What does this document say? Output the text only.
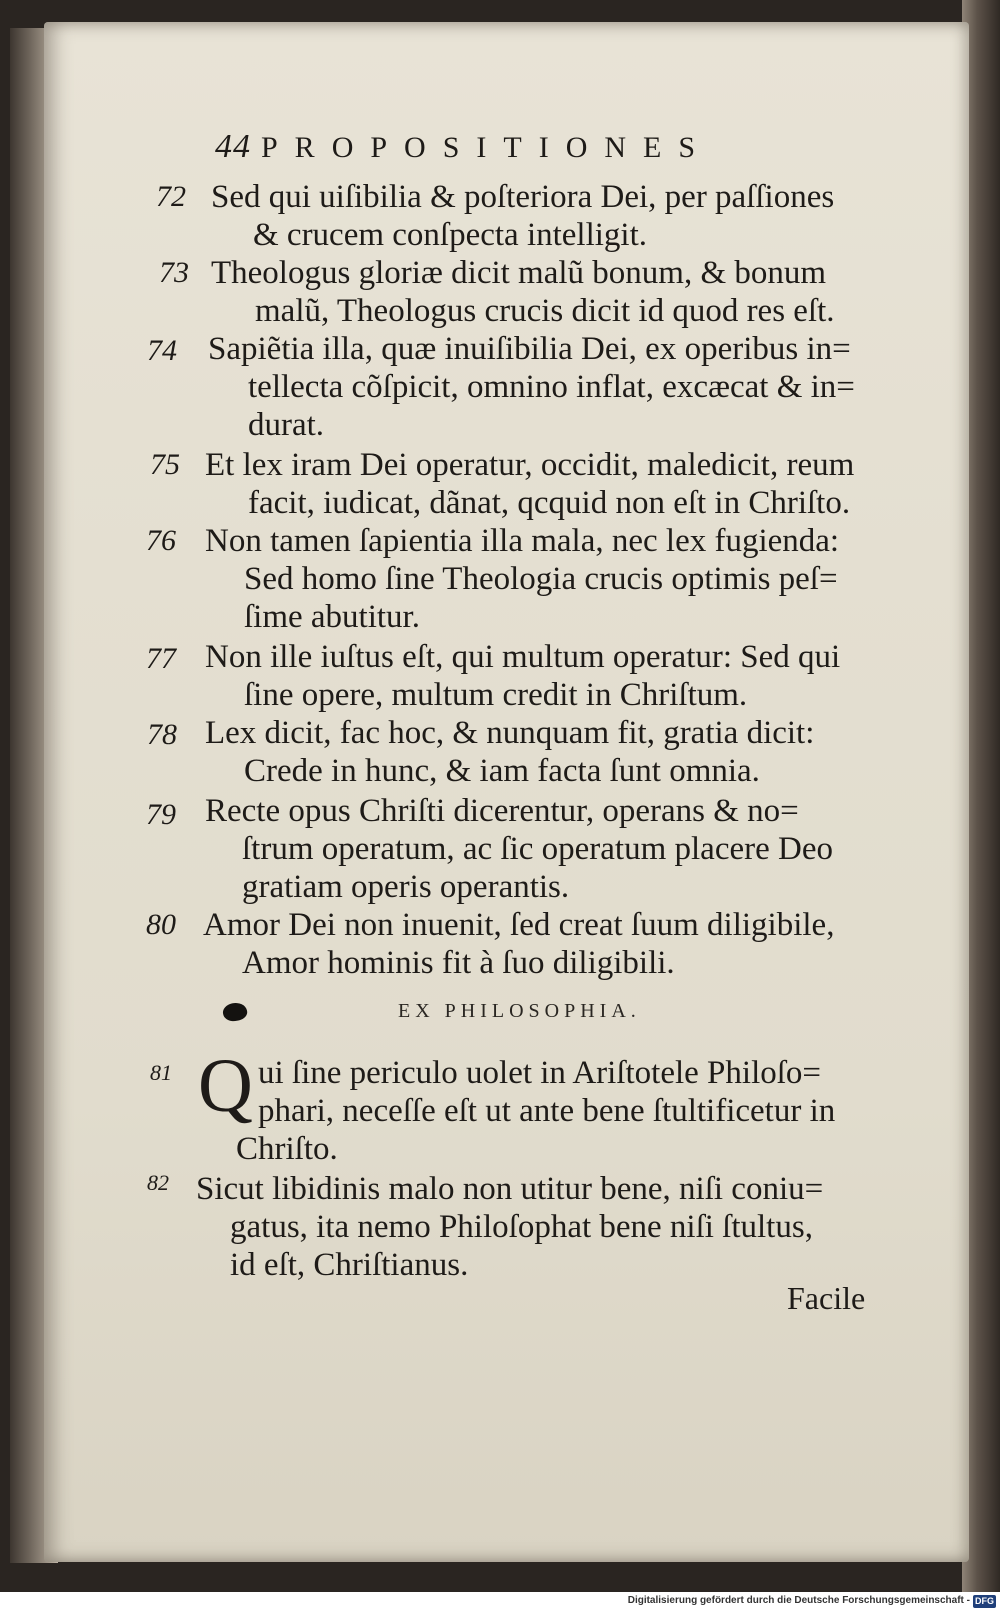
44 PROPOSITIONES
72 Sed qui uiſibilia & poſteriora Dei, per paſſiones
& crucem conſpecta intelligit.
73 Theologus gloriæ dicit malũ bonum, & bonum
malũ, Theologus crucis dicit id quod res eſt.
74 Sapiẽtia illa, quæ inuiſibilia Dei, ex operibus in=
tellecta cõſpicit, omnino inflat, excæcat & in=
durat.
75 Et lex iram Dei operatur, occidit, maledicit, reum
facit, iudicat, dãnat, qcquid non eſt in Chriſto.
76 Non tamen ſapientia illa mala, nec lex fugienda:
Sed homo ſine Theologia crucis optimis peſ=
ſime abutitur.
77 Non ille iuſtus eſt, qui multum operatur: Sed qui
ſine opere, multum credit in Chriſtum.
78 Lex dicit, fac hoc, & nunquam fit, gratia dicit:
Crede in hunc, & iam facta ſunt omnia.
79 Recte opus Chriſti dicerentur, operans & no=
ſtrum operatum, ac ſic operatum placere Deo
gratiam operis operantis.
80 Amor Dei non inuenit, ſed creat ſuum diligibile,
Amor hominis fit à ſuo diligibili.
EX PHILOSOPHIA.
81 Q ui ſine periculo uolet in Ariſtotele Philoſo=
phari, neceſſe eſt ut ante bene ſtultificetur in
Chriſto.
82 Sicut libidinis malo non utitur bene, niſi coniu=
gatus, ita nemo Philoſophat bene niſi ſtultus,
id eſt, Chriſtianus.
Facile
Digitalisierung gefördert durch die Deutsche Forschungsgemeinschaft - DFG
